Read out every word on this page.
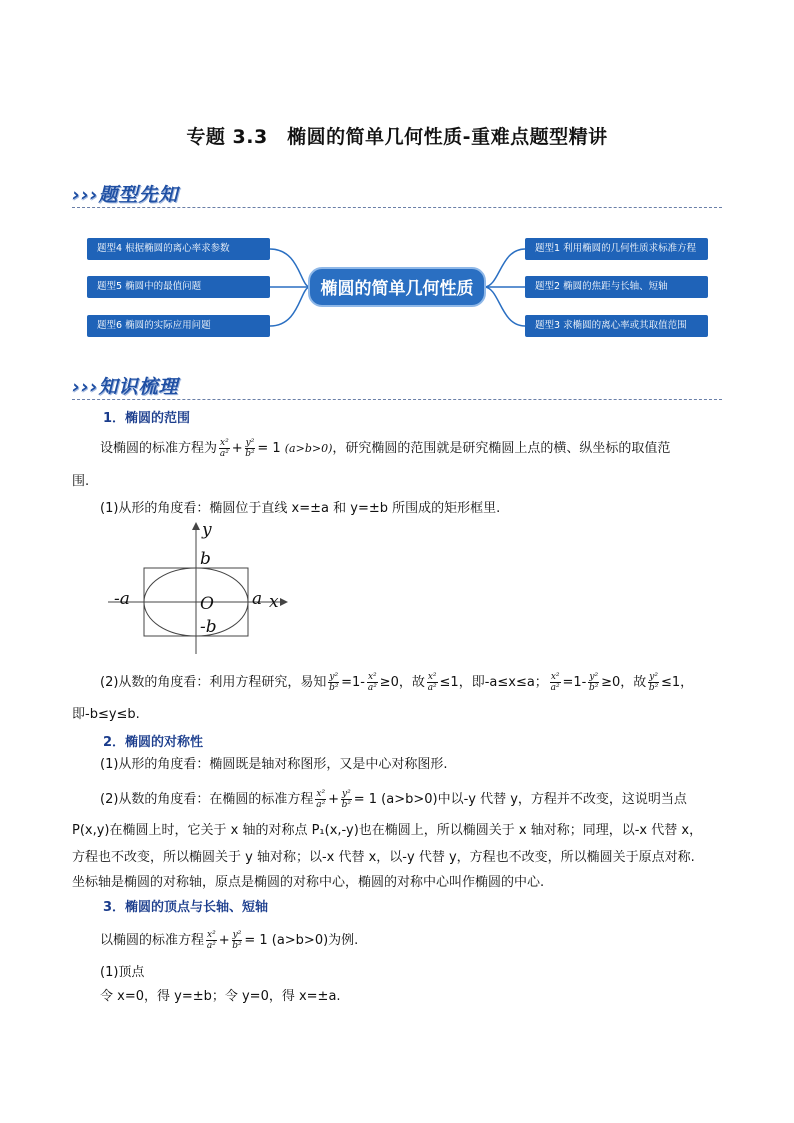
专题 3.3　椭圆的简单几何性质-重难点题型精讲
›››题型先知
题型4 根据椭圆的离心率求参数
题型5 椭圆中的最值问题
题型6 椭圆的实际应用问题
椭圆的简单几何性质
题型1 利用椭圆的几何性质求标准方程
题型2 椭圆的焦距与长轴、短轴
题型3 求椭圆的离心率或其取值范围
›››知识梳理
1．椭圆的范围
设椭圆的标准方程为 $\frac{\text{x²}}{\text{a²}} + \frac{\text{y²}}{\text{b²}} = 1$ (a>b>0)，研究椭圆的范围就是研究椭圆上点的横、纵坐标的取值范
围.
(1)从形的角度看：椭圆位于直线 x=±a 和 y=±b 所围成的矩形框里.
y
b
-a	O a x
-b
(2)从数的角度看：利用方程研究，易知 $\frac{\text{y²}}{\text{b²}} =1- \frac{\text{x²}}{\text{a²}} \ge 0$，故 $\frac{\text{x²}}{\text{a²}} \le 1$，即-a≤x≤a； $\frac{\text{x²}}{\text{a²}} =1- \frac{\text{y²}}{\text{b²}} \ge 0$，故 $\frac{\text{y²}}{\text{b²}} \le 1$，
即-b≤y≤b.
2．椭圆的对称性
(1)从形的角度看：椭圆既是轴对称图形，又是中心对称图形.
(2)从数的角度看：在椭圆的标准方程 $\frac{\text{x²}}{\text{a²}} + \frac{\text{y²}}{\text{b²}} = 1$ (a>b>0)中以-y 代替 y，方程并不改变，这说明当点
P(x,y)在椭圆上时，它关于 x 轴的对称点 P₁(x,-y)也在椭圆上，所以椭圆关于 x 轴对称；同理，以-x 代替 x，
方程也不改变，所以椭圆关于 y 轴对称；以-x 代替 x，以-y 代替 y，方程也不改变，所以椭圆关于原点对称.
坐标轴是椭圆的对称轴，原点是椭圆的对称中心，椭圆的对称中心叫作椭圆的中心.
3．椭圆的顶点与长轴、短轴
以椭圆的标准方程 $\frac{\text{x²}}{\text{a²}} + \frac{\text{y²}}{\text{b²}} = 1$ (a>b>0)为例.
(1)顶点
令 x=0，得 y=±b；令 y=0，得 x=±a.
